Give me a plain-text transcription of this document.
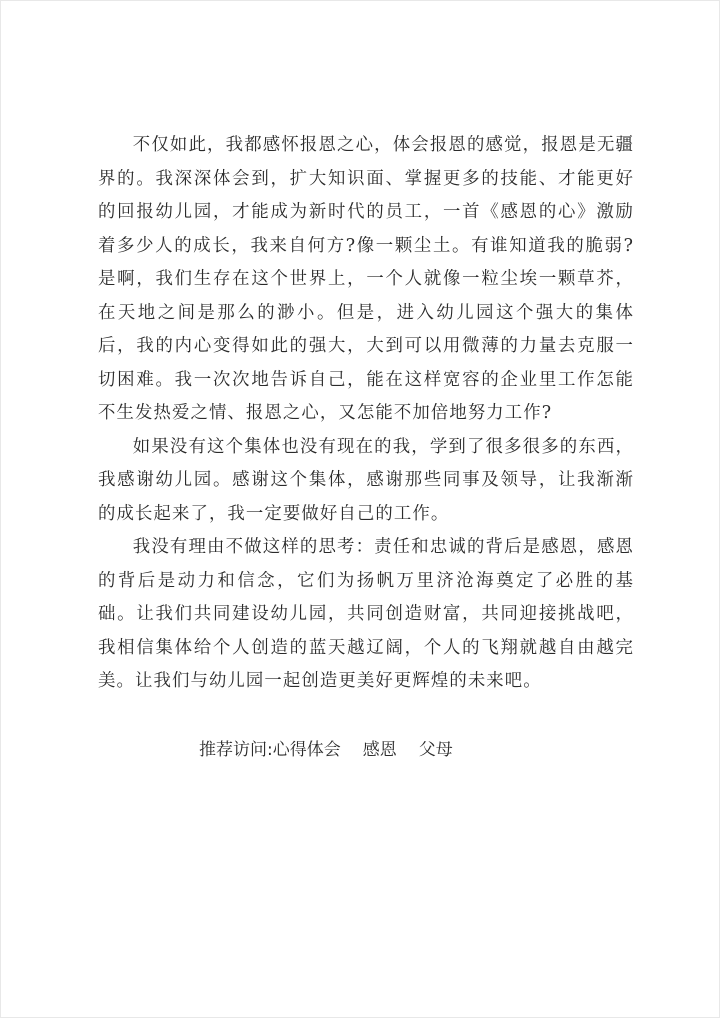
不仅如此，我都感怀报恩之心，体会报恩的感觉，报恩是无疆界的。我深深体会到，扩大知识面、掌握更多的技能、才能更好的回报幼儿园，才能成为新时代的员工，一首《感恩的心》激励着多少人的成长，我来自何方?像一颗尘土。有谁知道我的脆弱?是啊，我们生存在这个世界上，一个人就像一粒尘埃一颗草芥，在天地之间是那么的渺小。但是，进入幼儿园这个强大的集体后，我的内心变得如此的强大，大到可以用微薄的力量去克服一切困难。我一次次地告诉自己，能在这样宽容的企业里工作怎能不生发热爱之情、报恩之心，又怎能不加倍地努力工作?

如果没有这个集体也没有现在的我，学到了很多很多的东西，我感谢幼儿园。感谢这个集体，感谢那些同事及领导，让我渐渐的成长起来了，我一定要做好自己的工作。

我没有理由不做这样的思考：责任和忠诚的背后是感恩，感恩的背后是动力和信念，它们为扬帆万里济沧海奠定了必胜的基础。让我们共同建设幼儿园，共同创造财富，共同迎接挑战吧，我相信集体给个人创造的蓝天越辽阔，个人的飞翔就越自由越完美。让我们与幼儿园一起创造更美好更辉煌的未来吧。

推荐访问:心得体会 感恩 父母
